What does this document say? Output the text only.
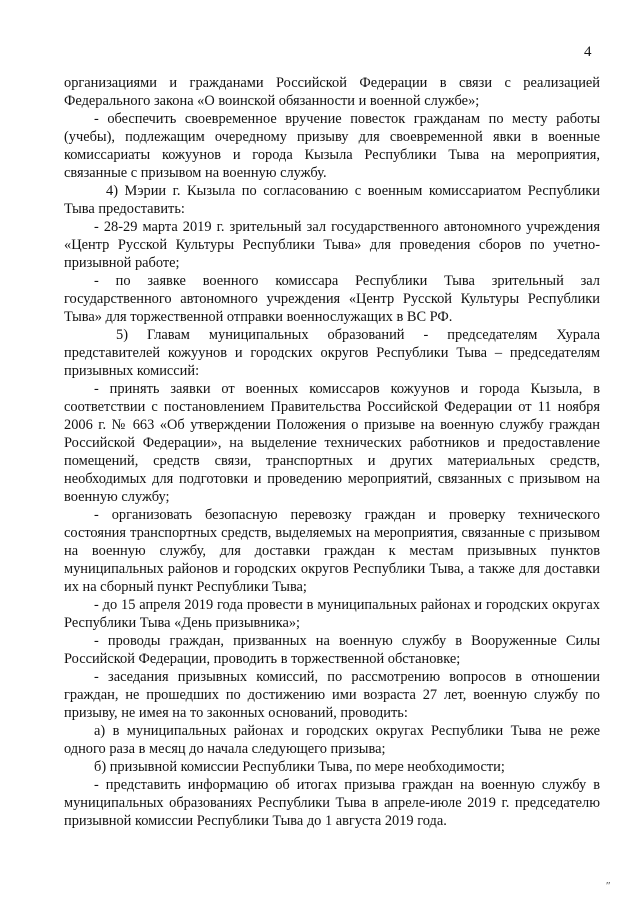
4

организациями и гражданами Российской Федерации в связи с реализацией Федерального закона «О воинской обязанности и военной службе»;

- обеспечить своевременное вручение повесток гражданам по месту работы (учебы), подлежащим очередному призыву для своевременной явки в военные комиссариаты кожуунов и города Кызыла Республики Тыва на мероприятия, связанные с призывом на военную службу.

4) Мэрии г. Кызыла по согласованию с военным комиссариатом Республики Тыва предоставить:

- 28-29 марта 2019 г. зрительный зал государственного автономного учреждения «Центр Русской Культуры Республики Тыва» для проведения сборов по учетно-призывной работе;

- по заявке военного комиссара Республики Тыва зрительный зал государственного автономного учреждения «Центр Русской Культуры Республики Тыва» для торжественной отправки военнослужащих в ВС РФ.

5) Главам муниципальных образований - председателям Хурала представителей кожуунов и городских округов Республики Тыва – председателям призывных комиссий:

- принять заявки от военных комиссаров кожуунов и города Кызыла, в соответствии с постановлением Правительства Российской Федерации от 11 ноября 2006 г. № 663 «Об утверждении Положения о призыве на военную службу граждан Российской Федерации», на выделение технических работников и предоставление помещений, средств связи, транспортных и других материальных средств, необходимых для подготовки и проведению мероприятий, связанных с призывом на военную службу;

- организовать безопасную перевозку граждан и проверку технического состояния транспортных средств, выделяемых на мероприятия, связанные с призывом на военную службу, для доставки граждан к местам призывных пунктов муниципальных районов и городских округов Республики Тыва, а также для доставки их на сборный пункт Республики Тыва;

- до 15 апреля 2019 года провести в муниципальных районах и городских округах Республики Тыва «День призывника»;

- проводы граждан, призванных на военную службу в Вооруженные Силы Российской Федерации, проводить в торжественной обстановке;

- заседания призывных комиссий, по рассмотрению вопросов в отношении граждан, не прошедших по достижению ими возраста 27 лет, военную службу по призыву, не имея на то законных оснований, проводить:

а) в муниципальных районах и городских округах Республики Тыва не реже одного раза в месяц до начала следующего призыва;

б) призывной комиссии Республики Тыва, по мере необходимости;

- представить информацию об итогах призыва граждан на военную службу в муниципальных образованиях Республики Тыва в апреле-июле 2019 г. председателю призывной комиссии Республики Тыва до 1 августа 2019 года.

″
